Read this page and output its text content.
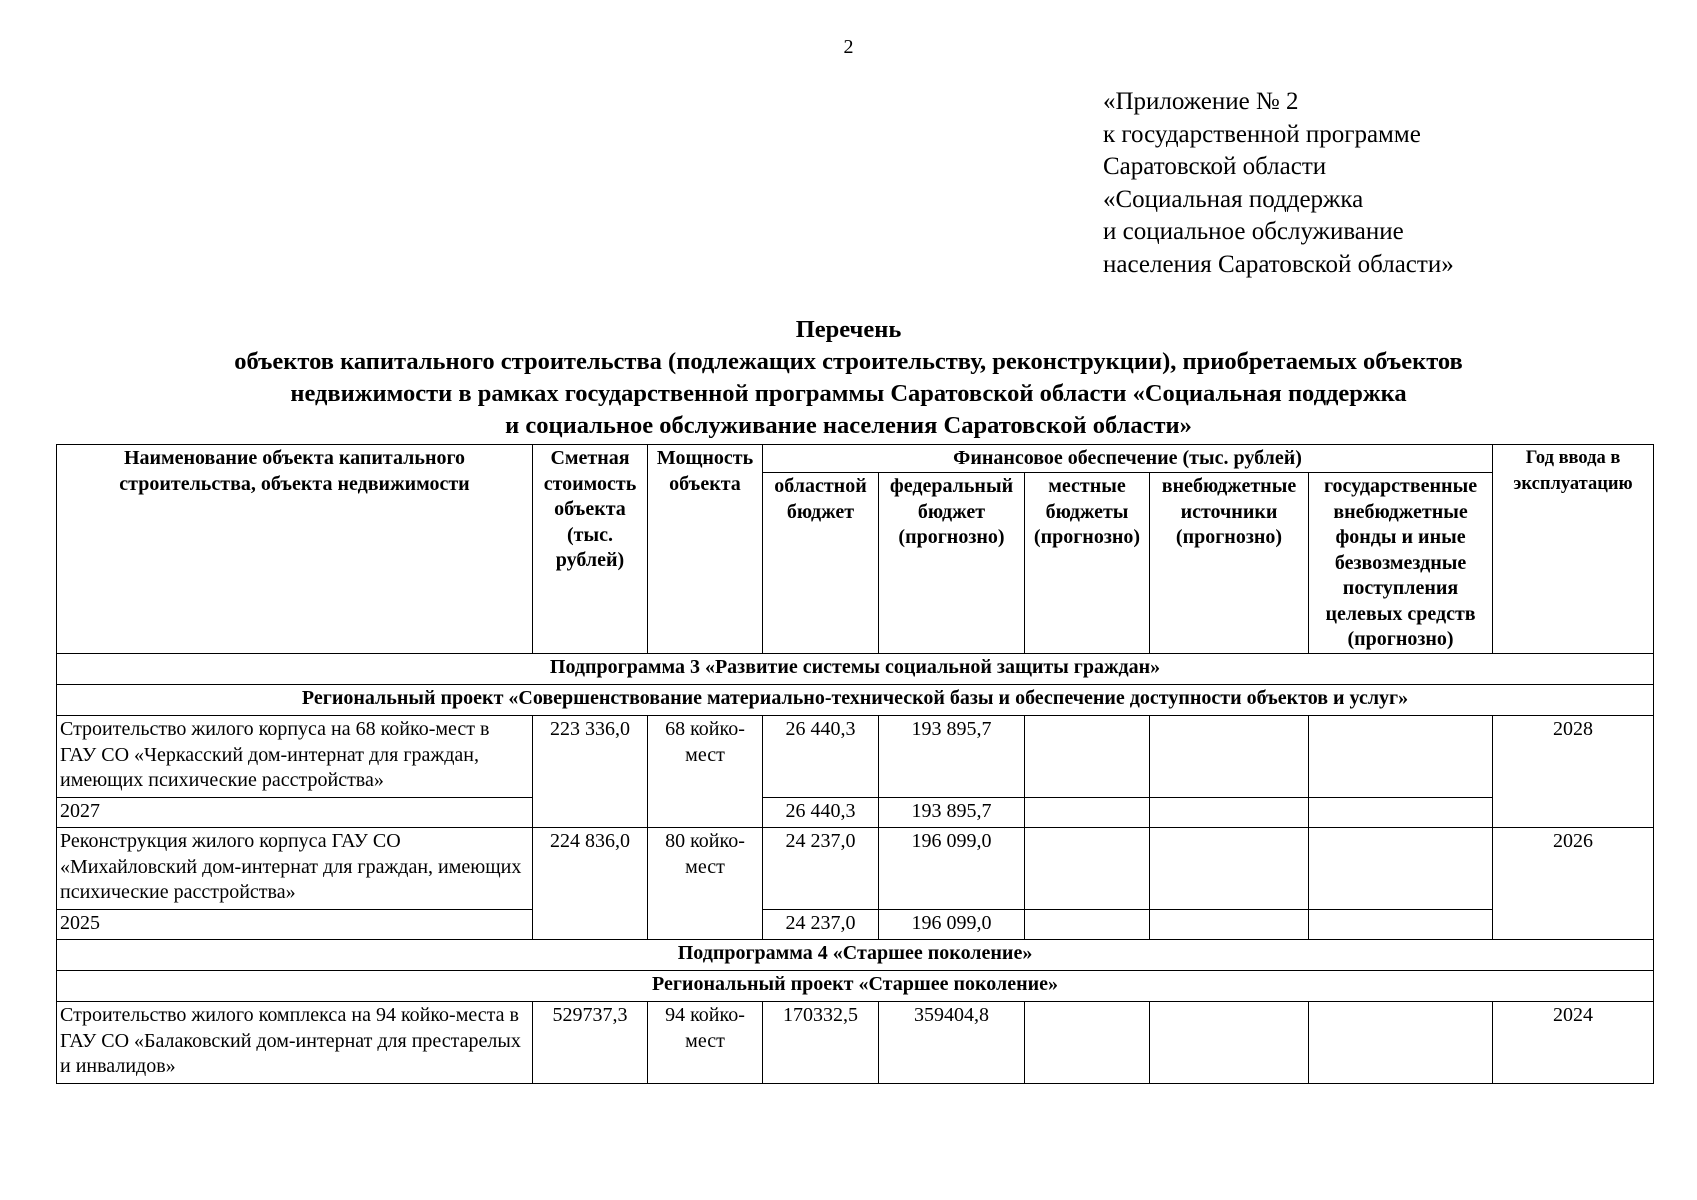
2
«Приложение № 2
к государственной программе
Саратовской области
«Социальная поддержка
и социальное обслуживание
населения Саратовской области»
Перечень
объектов капитального строительства (подлежащих строительству, реконструкции), приобретаемых объектов
недвижимости в рамках государственной программы Саратовской области «Социальная поддержка
и социальное обслуживание населения Саратовской области»
Наименование объекта капитального строительства, объекта недвижимости	Сметная стоимость объекта (тыс. рублей)	Мощность объекта	Финансовое обеспечение (тыс. рублей)					Год ввода в эксплуатацию
			областной бюджет	федеральный бюджет (прогнозно)	местные бюджеты (прогнозно)	внебюджетные источники (прогнозно)	государственные внебюджетные фонды и иные безвозмездные поступления целевых средств (прогнозно)	
Подпрограмма 3 «Развитие системы социальной защиты граждан»								
Региональный проект «Совершенствование материально-технической базы и обеспечение доступности объектов и услуг»								
Строительство жилого корпуса на 68 койко-мест в ГАУ СО «Черкасский дом-интернат для граждан, имеющих психические расстройства»	223 336,0	68 койко-мест	26 440,3	193 895,7				2028
2027			26 440,3	193 895,7				
Реконструкция жилого корпуса ГАУ СО «Михайловский дом-интернат для граждан, имеющих психические расстройства»	224 836,0	80 койко-мест	24 237,0	196 099,0				2026
2025			24 237,0	196 099,0				
Подпрограмма 4 «Старшее поколение»								
Региональный проект «Старшее поколение»								
Строительство жилого комплекса на 94 койко-места в ГАУ СО «Балаковский дом-интернат для престарелых и инвалидов»	529737,3	94 койко-мест	170332,5	359404,8				2024
